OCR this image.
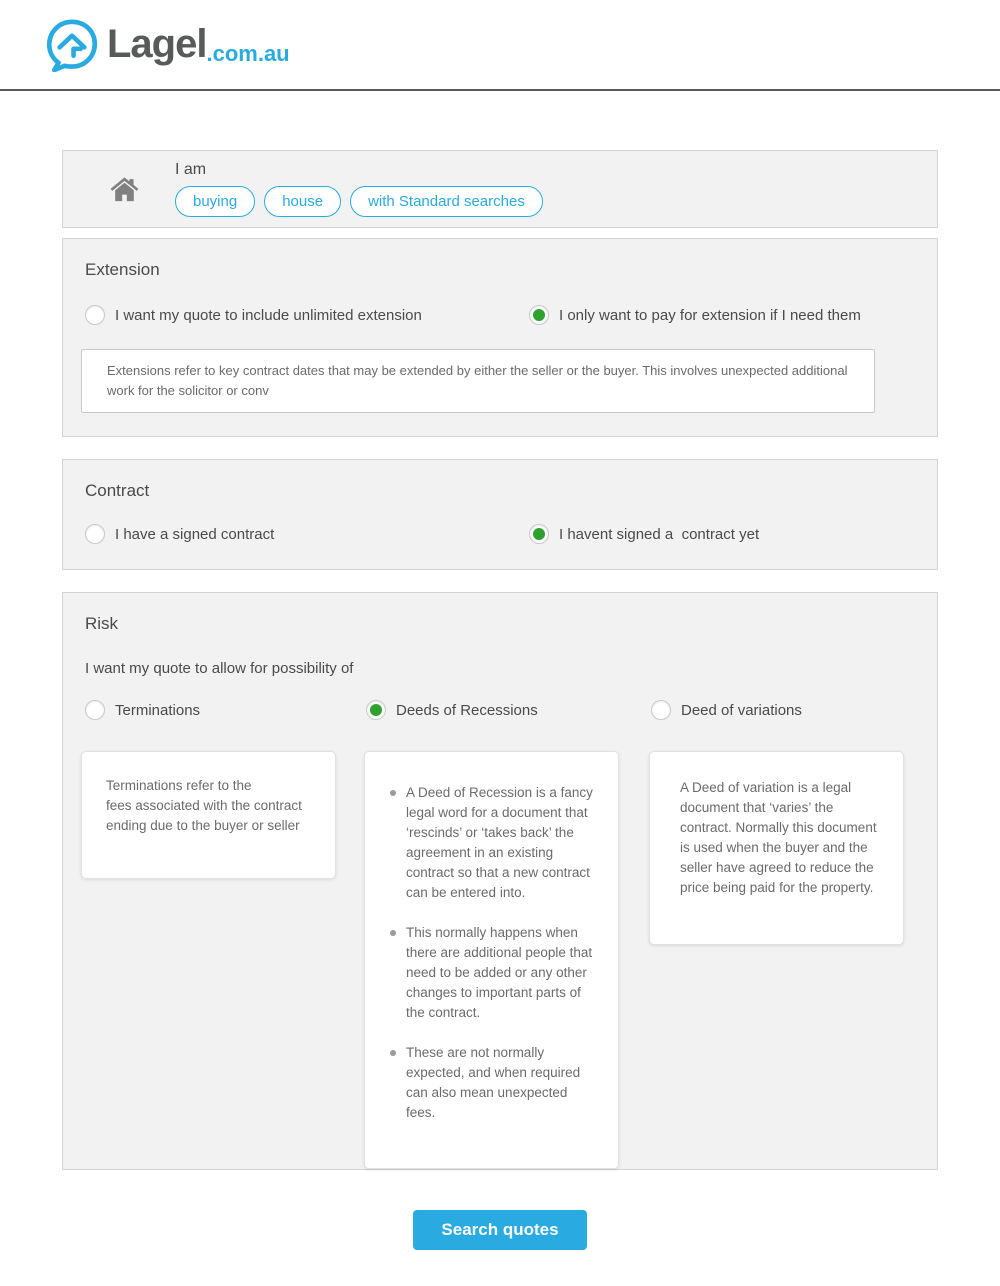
Lagel .com.au
I am
buying	house	with Standard searches
Extension
I want my quote to include unlimited extension	I only want to pay for extension if I need them

Extensions refer to key contract dates that may be extended by either the seller or the buyer. This involves unexpected additional work for the solicitor or conv

Contract
I have a signed contract	I havent signed a  contract yet
Risk

I want my quote to allow for possibility of

Terminations	Deeds of Recessions	Deed of variations
Terminations refer to the
fees associated with the contract
ending due to the buyer or seller
A Deed of Recession is a fancy legal word for a document that ‘rescinds’ or ‘takes back’ the agreement in an existing contract so that a new contract can be entered into.
This normally happens when there are additional people that need to be added or any other changes to important parts of the contract.
These are not normally expected, and when required can also mean unexpected fees.

A Deed of variation is a legal document that ‘varies’ the contract. Normally this document is used when the buyer and the seller have agreed to reduce the price being paid for the property.

Search quotes
